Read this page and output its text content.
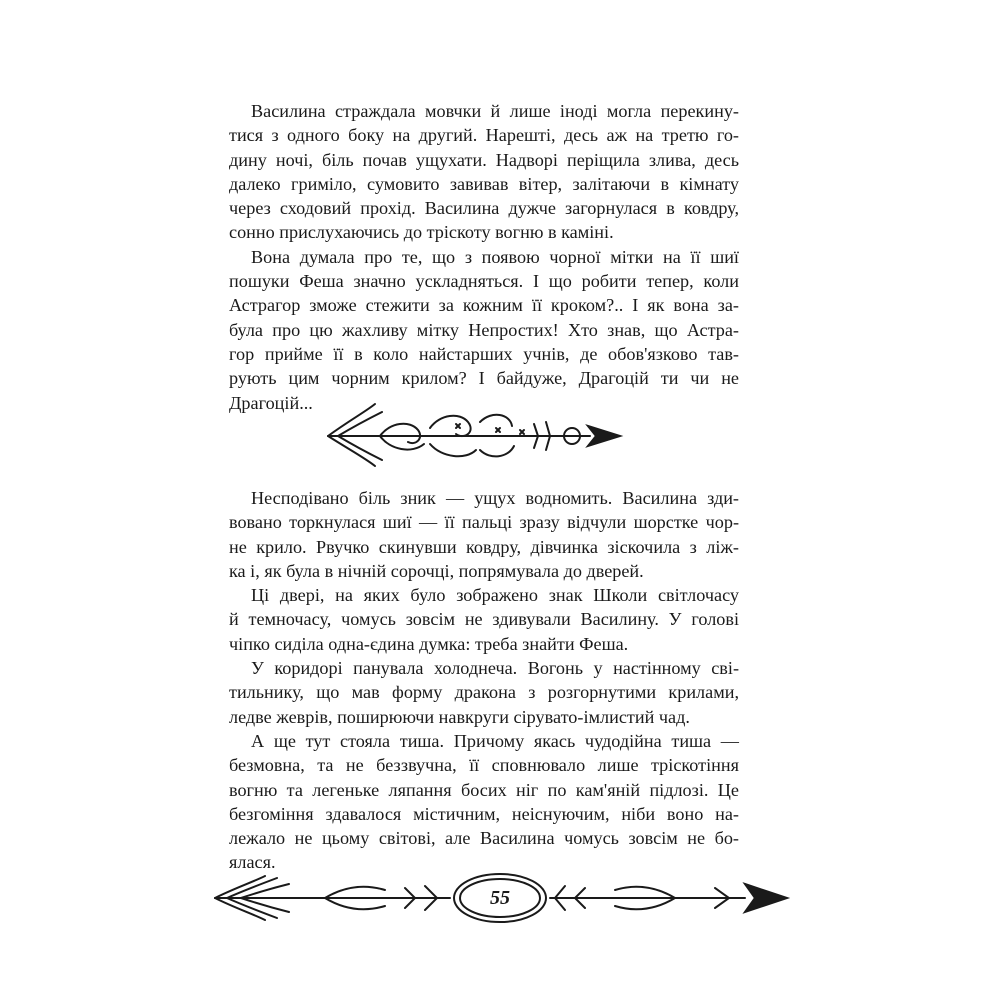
Василина страждала мовчки й лише іноді могла перекину-
тися з одного боку на другий. Нарешті, десь аж на третю го-
дину ночі, біль почав ущухати. Надворі періщила злива, десь
далеко гриміло, сумовито завивав вітер, залітаючи в кімнату
через сходовий прохід. Василина дужче загорнулася в ковдру,
сонно прислухаючись до тріскоту вогню в каміні.
Вона думала про те, що з появою чорної мітки на її шиї
пошуки Феша значно ускладняться. І що робити тепер, коли
Астрагор зможе стежити за кожним її кроком?.. І як вона за-
була про цю жахливу мітку Непростих! Хто знав, що Астра-
гор прийме її в коло найстарших учнів, де обов'язково тав-
рують цим чорним крилом? І байдуже, Драгоцій ти чи не
Драгоцій...
Несподівано біль зник — ущух водномить. Василина зди-
вовано торкнулася шиї — її пальці зразу відчули шорстке чор-
не крило. Рвучко скинувши ковдру, дівчинка зіскочила з ліж-
ка і, як була в нічній сорочці, попрямувала до дверей.
Ці двері, на яких було зображено знак Школи світлочасу
й темночасу, чомусь зовсім не здивували Василину. У голові
чіпко сиділа одна-єдина думка: треба знайти Феша.
У коридорі панувала холоднеча. Вогонь у настінному сві-
тильнику, що мав форму дракона з розгорнутими крилами,
ледве жеврів, поширюючи навкруги сірувато-імлистий чад.
А ще тут стояла тиша. Причому якась чудодійна тиша —
безмовна, та не беззвучна, її сповнювало лише тріскотіння
вогню та легеньке ляпання босих ніг по кам'яній підлозі. Це
безгоміння здавалося містичним, неіснуючим, ніби воно на-
лежало не цьому світові, але Василина чомусь зовсім не бо-
ялася.
55
